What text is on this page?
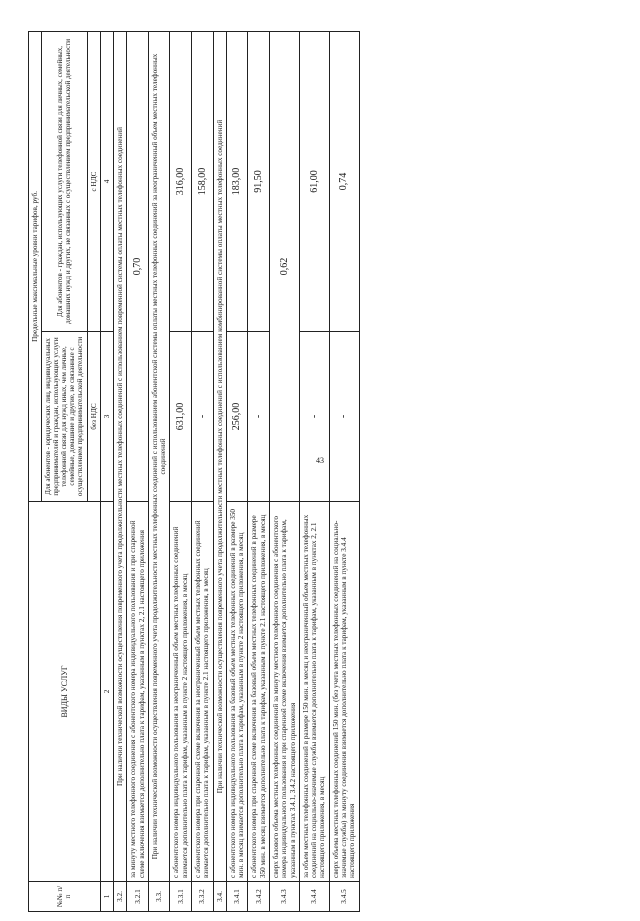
43
№№ п/п	ВИДЫ УСЛУГ	Предельные максимальные уровни тарифов, руб.	
		Для абонентов - юридических лиц, индивидуальных предпринимателей и граждан, использующих услуги телефонной связи для нужд иных, чем личные, семейные, домашние и другие, не связанные с осуществлением предпринимательской деятельности	Для абонентов - граждан, использующих услуги телефонной связи для личных, семейных, домашних нужд и других, не связанных с осуществлением предпринимательской деятельности
		без НДС	с НДС
1	2	3	4
3.2.	При наличии технической возможности осуществления повременного учета продолжительности местных телефонных соединений с использованием повременной системы оплаты местных телефонных соединений		
3.2.1	за минуту местного телефонного соединения с абонентского номера индивидуального пользования и при спаренной схеме включения взимается дополнительно плата к тарифам, указанным в пунктах 2, 2.1 настоящего приложения	0,70	
3.3.	При наличии технической возможности осуществления повременного учета продолжительности местных телефонных соединений с использованием абонентской системы оплаты местных телефонных соединений за неограниченный объем местных телефонных соединений		
3.3.1	с абонентского номера индивидуального пользования за неограниченный объем местных телефонных соединений взимается дополнительно плата к тарифам, указанным в пункте 2 настоящего приложения, в месяц	631,00	316,00
3.3.2	с абонентского номера при спаренной схеме включения за неограниченный объем местных телефонных соединений взимается дополнительно плата к тарифам, указанным в пункте 2.1 настоящего приложения, в месяц	-	158,00
3.4.	При наличии технической возможности осуществления повременного учета продолжительности местных телефонных соединений с использованием комбинированной системы оплаты местных телефонных соединений		
3.4.1	с абонентского номера индивидуального пользования за базовый объем местных телефонных соединений в размере 350 мин. в месяц взимается дополнительно плата к тарифам, указанным в пункте 2 настоящего приложения, в месяц	256,00	183,00
3.4.2	с абонентского номера при спаренной схеме включения за базовый объем местных телефонных соединений в размере 350 мин. в месяц взимается дополнительно плата к тарифам, указанным в пункте 2.1 настоящего приложения, в месяц	-	91,50
3.4.3	сверх базового объема местных телефонных соединений за минуту местного телефонного соединения с абонентского номера индивидуального пользования и при спаренной схеме включения взимается дополнительно плата к тарифам, указанным в пунктах 3.4.1, 3.4.2 настоящего приложения	0,62	
3.4.4	за объем местных телефонных соединений в размере 150 мин. в месяц и неограниченный объем местных телефонных соединений на социально-значимые службы взимается дополнительно плата к тарифам, указанным в пунктах 2, 2.1 настоящего приложения, в месяц	-	61,00
3.4.5	сверх объема местных телефонных соединений 150 мин. (без учета местных телефонных соединений на социально-значимые службы) за минуту соединения взимается дополнительно плата к тарифам, указанным в пункте 3.4.4 настоящего приложения	-	0,74
